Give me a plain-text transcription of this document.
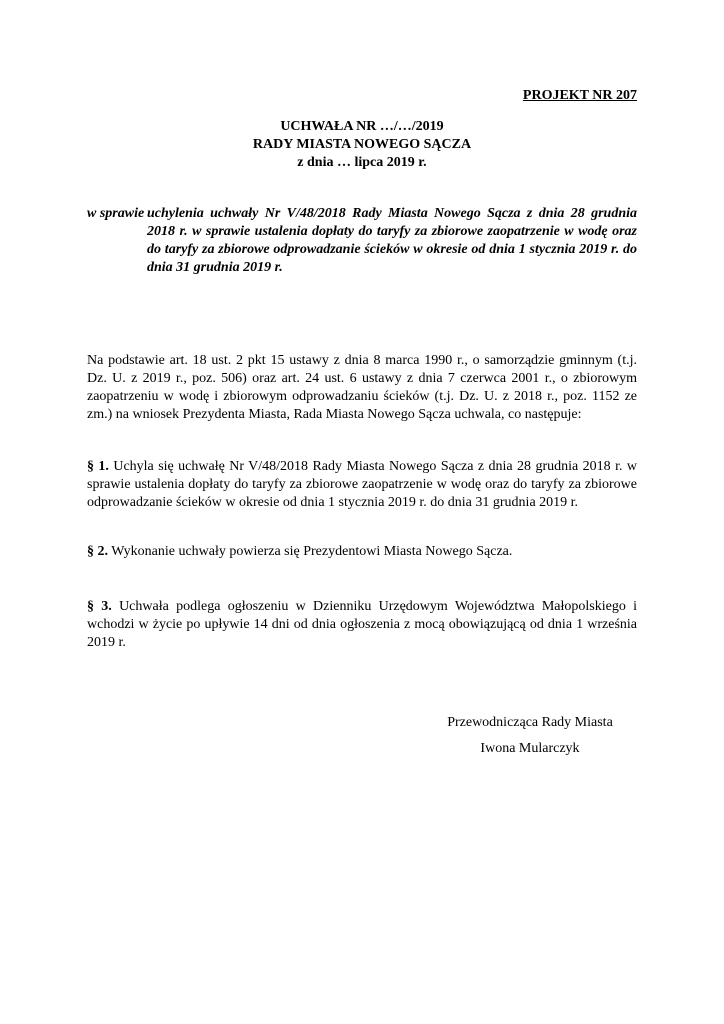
PROJEKT NR 207
UCHWAŁA NR …/…/2019
RADY MIASTA NOWEGO SĄCZA
z dnia … lipca 2019 r.
w sprawie uchylenia uchwały Nr V/48/2018 Rady Miasta Nowego Sącza z dnia 28 grudnia 2018 r. w sprawie ustalenia dopłaty do taryfy za zbiorowe zaopatrzenie w wodę oraz do taryfy za zbiorowe odprowadzanie ścieków w okresie od dnia 1 stycznia 2019 r. do dnia 31 grudnia 2019 r.
Na podstawie art. 18 ust. 2 pkt 15 ustawy z dnia 8 marca 1990 r., o samorządzie gminnym (t.j. Dz. U. z 2019 r., poz. 506) oraz art. 24 ust. 6 ustawy z dnia 7 czerwca 2001 r., o zbiorowym zaopatrzeniu w wodę i zbiorowym odprowadzaniu ścieków (t.j. Dz. U. z 2018 r., poz. 1152 ze zm.) na wniosek Prezydenta Miasta, Rada Miasta Nowego Sącza uchwala, co następuje:
§ 1. Uchyla się uchwałę Nr V/48/2018 Rady Miasta Nowego Sącza z dnia 28 grudnia 2018 r. w sprawie ustalenia dopłaty do taryfy za zbiorowe zaopatrzenie w wodę oraz do taryfy za zbiorowe odprowadzanie ścieków w okresie od dnia 1 stycznia 2019 r. do dnia 31 grudnia 2019 r.
§ 2. Wykonanie uchwały powierza się Prezydentowi Miasta Nowego Sącza.
§ 3. Uchwała podlega ogłoszeniu w Dzienniku Urzędowym Województwa Małopolskiego i wchodzi w życie po upływie 14 dni od dnia ogłoszenia z mocą obowiązującą od dnia 1 września 2019 r.
Przewodnicząca Rady Miasta
Iwona Mularczyk
